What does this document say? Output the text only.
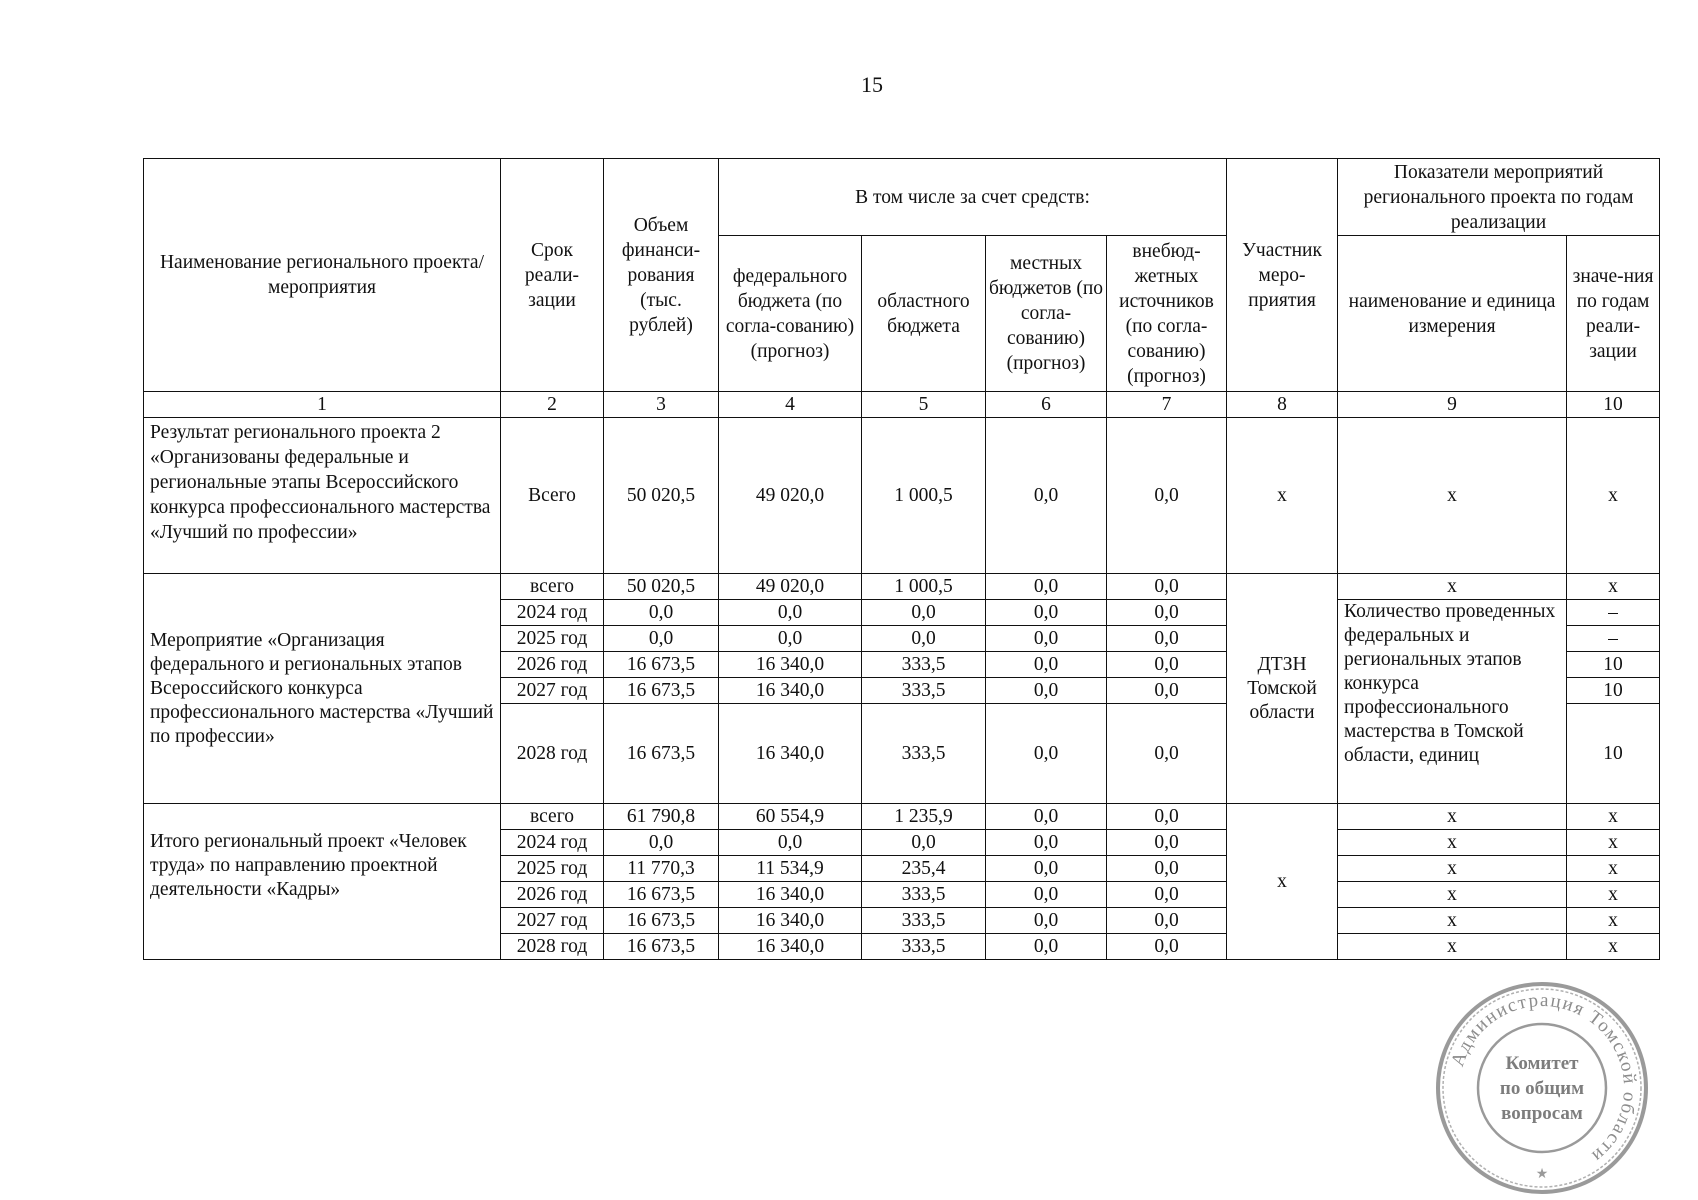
15
Наименование регионального проекта/мероприятия	Срок реали-зации	Объем финанси-рования (тыс. рублей)	В том числе за счет средств:				Участник меро-приятия	Показатели мероприятий регионального проекта по годам реализации	
			федерального бюджета (по согла-сованию) (прогноз)	областного бюджета	местных бюджетов (по согла-сованию) (прогноз)	внебюд-жетных источников (по согла-сованию) (прогноз)		наименование и единица измерения	значе-ния по годам реали-зации
1	2	3	4	5	6	7	8	9	10
Результат регионального проекта 2 «Организованы федеральные и региональные этапы Всероссийского конкурса профессионального мастерства «Лучший по профессии»	Всего	50 020,5	49 020,0	1 000,5	0,0	0,0	х	х	х
Мероприятие «Организация федерального и региональных этапов Всероссийского конкурса профессионального мастерства «Лучший по профессии»	всего	50 020,5	49 020,0	1 000,5	0,0	0,0	ДТЗН Томской области	х	х
	2024 год	0,0	0,0	0,0	0,0	0,0		Количество проведенных федеральных и региональных этапов конкурса профессионального мастерства в Томской области, единиц	–
	2025 год	0,0	0,0	0,0	0,0	0,0			–
	2026 год	16 673,5	16 340,0	333,5	0,0	0,0			10
	2027 год	16 673,5	16 340,0	333,5	0,0	0,0			10
	2028 год	16 673,5	16 340,0	333,5	0,0	0,0			10
Итого региональный проект «Человек труда» по направлению проектной деятельности «Кадры»	всего	61 790,8	60 554,9	1 235,9	0,0	0,0	х	х	х
	2024 год	0,0	0,0	0,0	0,0	0,0		х	х
	2025 год	11 770,3	11 534,9	235,4	0,0	0,0		х	х
	2026 год	16 673,5	16 340,0	333,5	0,0	0,0		х	х
	2027 год	16 673,5	16 340,0	333,5	0,0	0,0		х	х
	2028 год	16 673,5	16 340,0	333,5	0,0	0,0		х	х
Администрация Томской области
Комитет
по общим
вопросам
★
